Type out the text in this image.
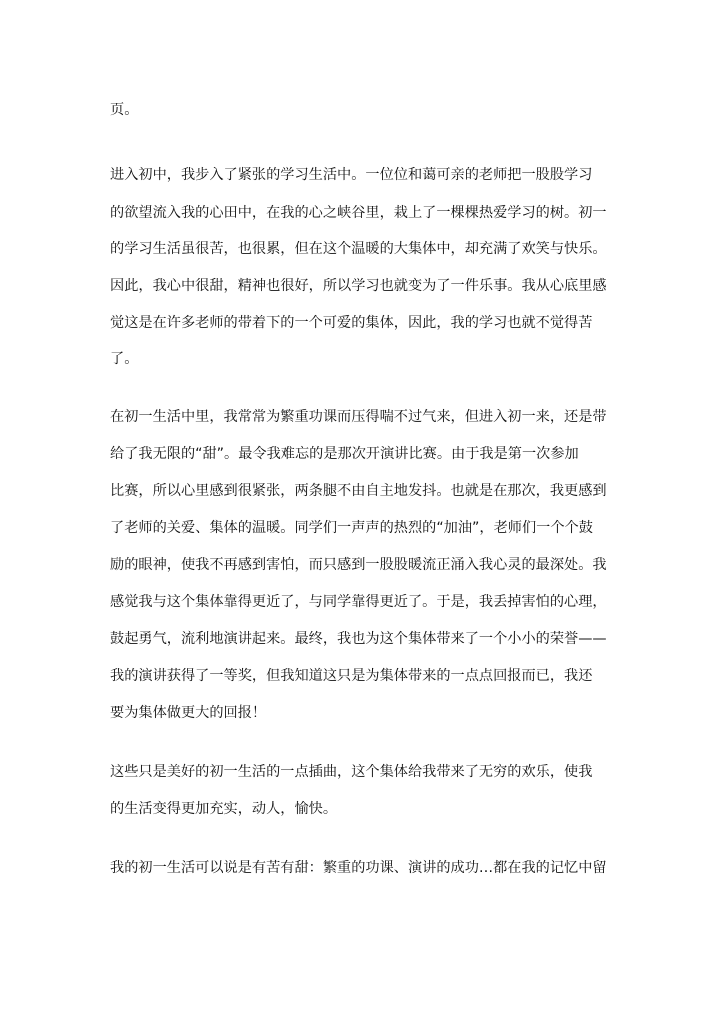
页。
进入初中，我步入了紧张的学习生活中。一位位和蔼可亲的老师把一股股学习
的欲望流入我的心田中，在我的心之峡谷里，栽上了一棵棵热爱学习的树。初一
的学习生活虽很苦，也很累，但在这个温暖的大集体中，却充满了欢笑与快乐。
因此，我心中很甜，精神也很好，所以学习也就变为了一件乐事。我从心底里感
觉这是在许多老师的带着下的一个可爱的集体，因此，我的学习也就不觉得苦
了。
在初一生活中里，我常常为繁重功课而压得喘不过气来，但进入初一来，还是带
给了我无限的“甜”。最令我难忘的是那次开演讲比赛。由于我是第一次参加
比赛，所以心里感到很紧张，两条腿不由自主地发抖。也就是在那次，我更感到
了老师的关爱、集体的温暖。同学们一声声的热烈的“加油”，老师们一个个鼓
励的眼神，使我不再感到害怕，而只感到一股股暖流正涌入我心灵的最深处。我
感觉我与这个集体靠得更近了，与同学靠得更近了。于是，我丢掉害怕的心理，
鼓起勇气，流利地演讲起来。最终，我也为这个集体带来了一个小小的荣誉——
我的演讲获得了一等奖，但我知道这只是为集体带来的一点点回报而已，我还
要为集体做更大的回报！
这些只是美好的初一生活的一点插曲，这个集体给我带来了无穷的欢乐，使我
的生活变得更加充实，动人，愉快。
我的初一生活可以说是有苦有甜：繁重的功课、演讲的成功…都在我的记忆中留
